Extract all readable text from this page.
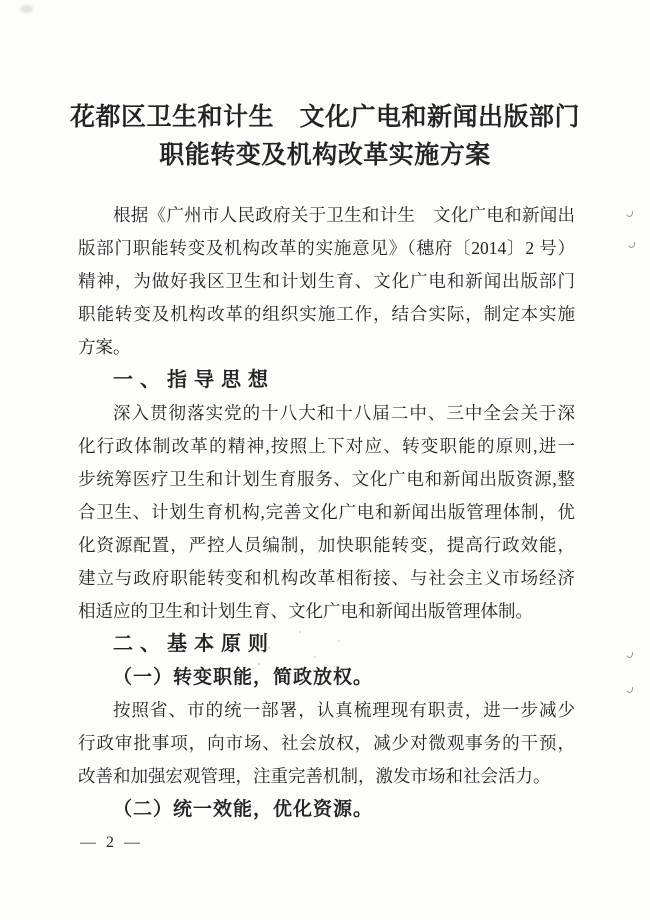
花都区卫生和计生　文化广电和新闻出版部门
职能转变及机构改革实施方案
根据《广州市人民政府关于卫生和计生　文化广电和新闻出
版部门职能转变及机构改革的实施意见》（穗府〔2014〕2 号）
精神，为做好我区卫生和计划生育、文化广电和新闻出版部门
职能转变及机构改革的组织实施工作，结合实际，制定本实施
方案。
一、指导思想
深入贯彻落实党的十八大和十八届二中、三中全会关于深
化行政体制改革的精神,按照上下对应、转变职能的原则,进一
步统筹医疗卫生和计划生育服务、文化广电和新闻出版资源,整
合卫生、计划生育机构,完善文化广电和新闻出版管理体制，优
化资源配置，严控人员编制，加快职能转变，提高行政效能，
建立与政府职能转变和机构改革相衔接、与社会主义市场经济
相适应的卫生和计划生育、文化广电和新闻出版管理体制。
二、基本原则
（一）转变职能，简政放权。
按照省、市的统一部署，认真梳理现有职责，进一步减少
行政审批事项，向市场、社会放权，减少对微观事务的干预，
改善和加强宏观管理，注重完善机制，激发市场和社会活力。
（二）统一效能，优化资源。
— 2 —
